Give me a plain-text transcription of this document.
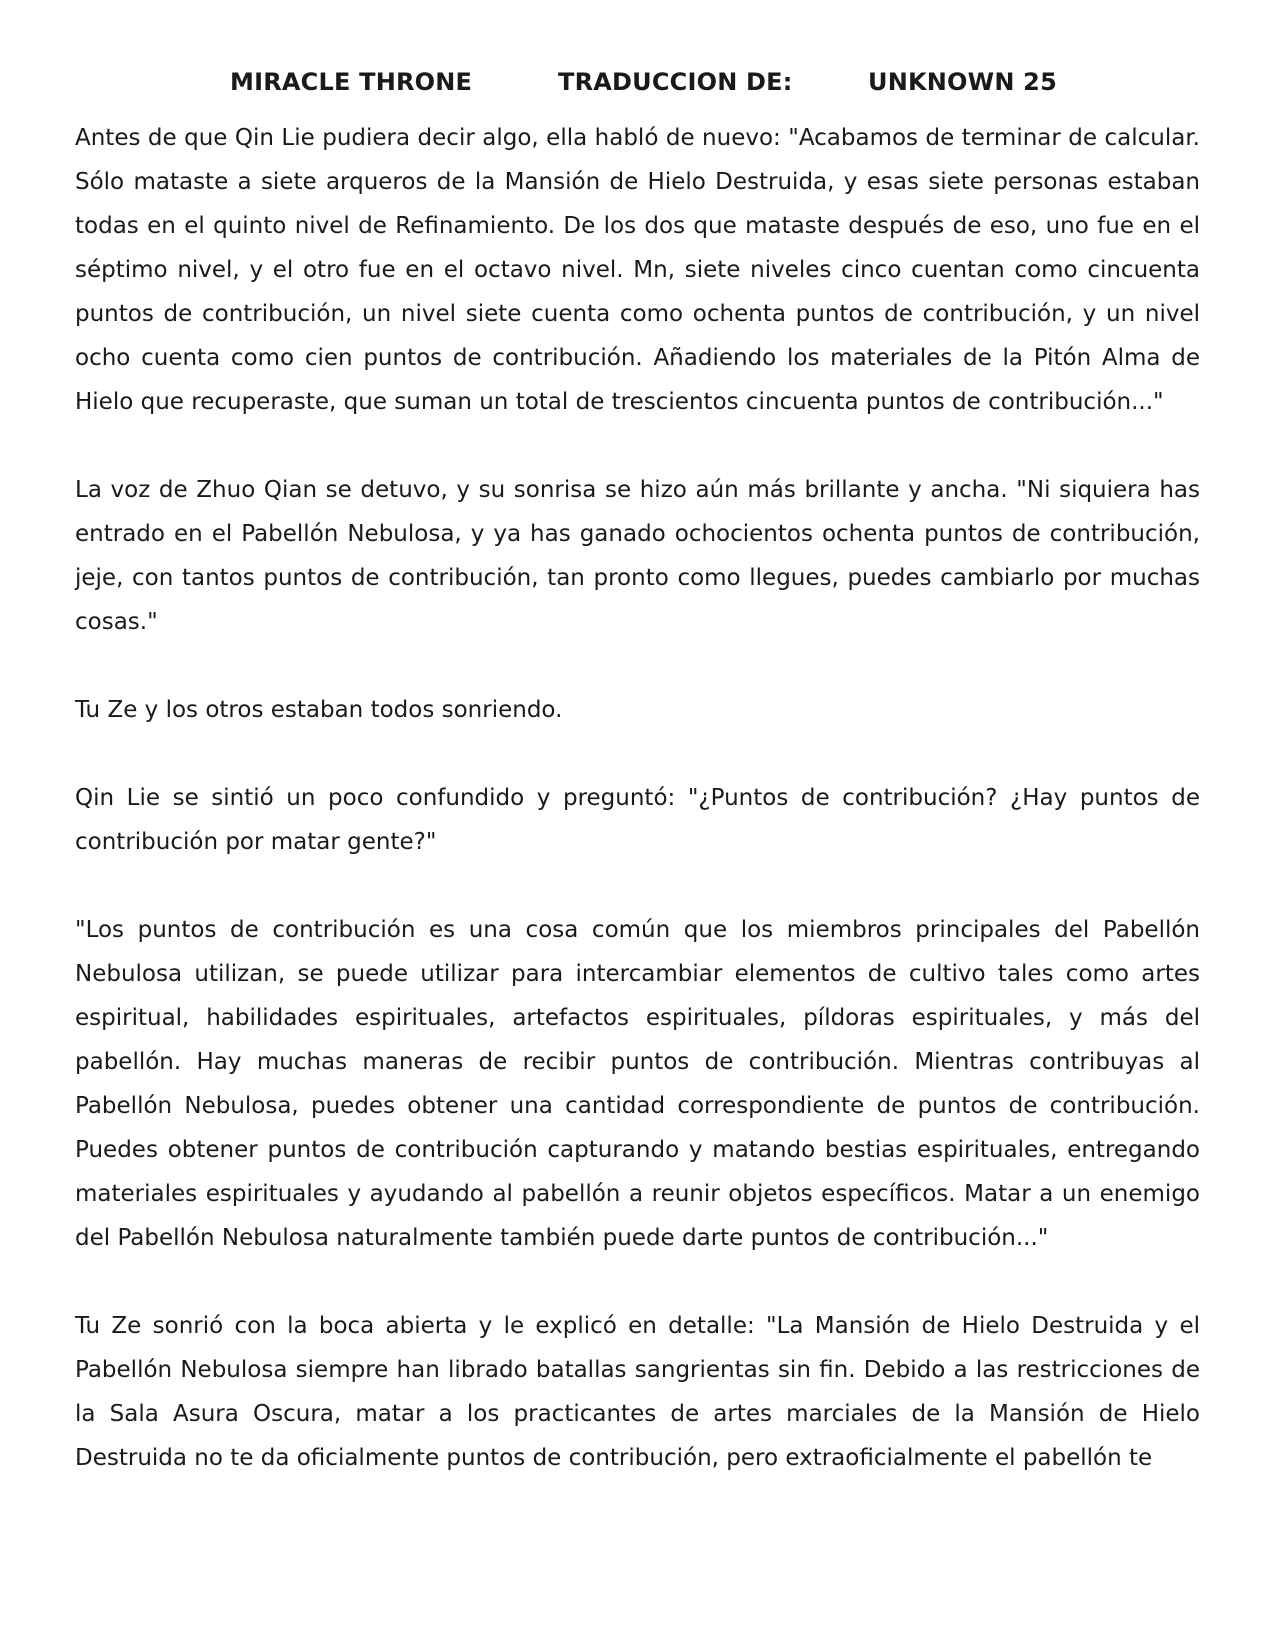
MIRACLE THRONE	TRADUCCION DE:	UNKNOWN 25

Antes de que Qin Lie pudiera decir algo, ella habló de nuevo: "Acabamos de terminar de calcular. Sólo mataste a siete arqueros de la Mansión de Hielo Destruida, y esas siete personas estaban todas en el quinto nivel de Refinamiento. De los dos que mataste después de eso, uno fue en el séptimo nivel, y el otro fue en el octavo nivel. Mn, siete niveles cinco cuentan como cincuenta puntos de contribución, un nivel siete cuenta como ochenta puntos de contribución, y un nivel ocho cuenta como cien puntos de contribución. Añadiendo los materiales de la Pitón Alma de Hielo que recuperaste, que suman un total de trescientos cincuenta puntos de contribución..."

La voz de Zhuo Qian se detuvo, y su sonrisa se hizo aún más brillante y ancha. "Ni siquiera has entrado en el Pabellón Nebulosa, y ya has ganado ochocientos ochenta puntos de contribución, jeje, con tantos puntos de contribución, tan pronto como llegues, puedes cambiarlo por muchas cosas."

Tu Ze y los otros estaban todos sonriendo.

Qin Lie se sintió un poco confundido y preguntó: "¿Puntos de contribución? ¿Hay puntos de contribución por matar gente?"

"Los puntos de contribución es una cosa común que los miembros principales del Pabellón Nebulosa utilizan, se puede utilizar para intercambiar elementos de cultivo tales como artes espiritual, habilidades espirituales, artefactos espirituales, píldoras espirituales, y más del pabellón. Hay muchas maneras de recibir puntos de contribución. Mientras contribuyas al Pabellón Nebulosa, puedes obtener una cantidad correspondiente de puntos de contribución. Puedes obtener puntos de contribución capturando y matando bestias espirituales, entregando materiales espirituales y ayudando al pabellón a reunir objetos específicos. Matar a un enemigo del Pabellón Nebulosa naturalmente también puede darte puntos de contribución..."

Tu Ze sonrió con la boca abierta y le explicó en detalle: "La Mansión de Hielo Destruida y el Pabellón Nebulosa siempre han librado batallas sangrientas sin fin. Debido a las restricciones de la Sala Asura Oscura, matar a los practicantes de artes marciales de la Mansión de Hielo Destruida no te da oficialmente puntos de contribución, pero extraoficialmente el pabellón te
